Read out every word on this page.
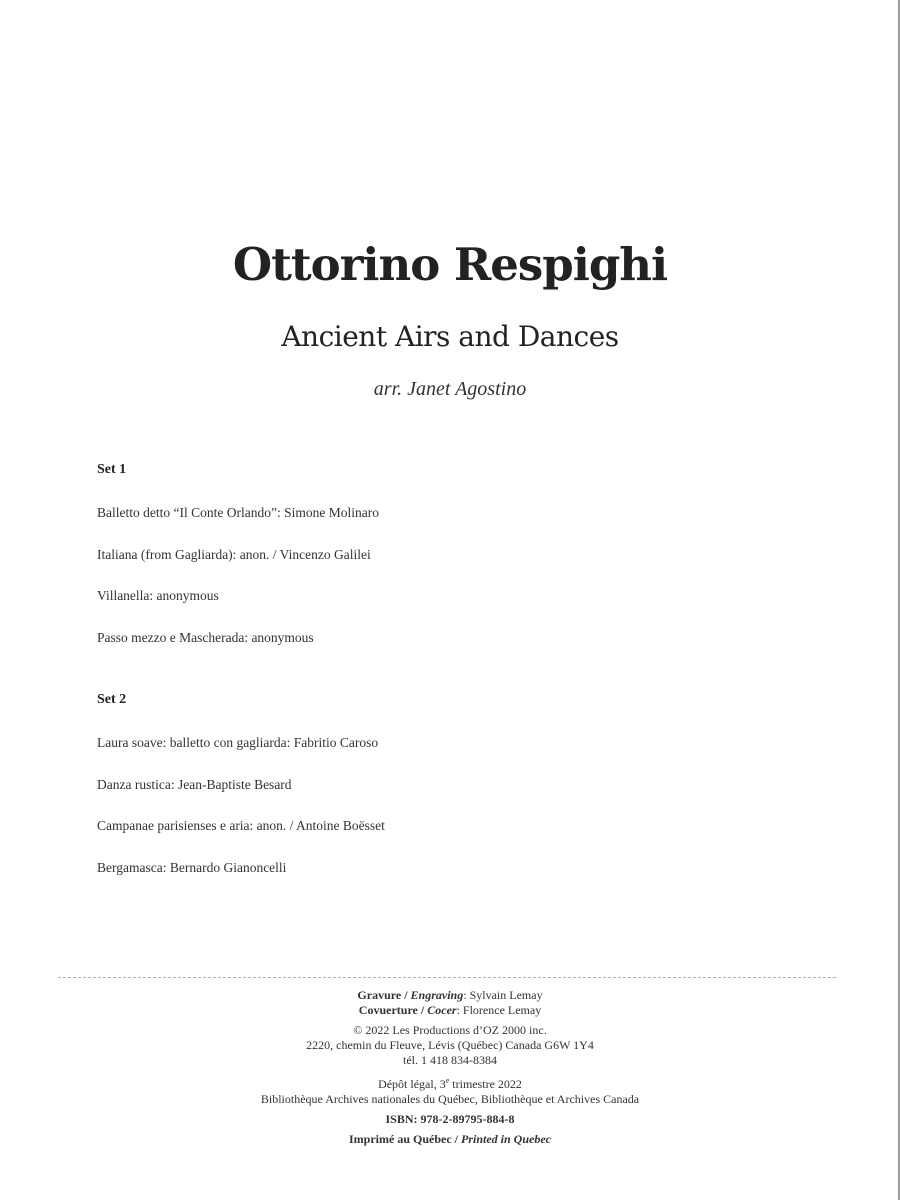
Ottorino Respighi
Ancient Airs and Dances
arr. Janet Agostino
Set 1
Balletto detto “Il Conte Orlando”: Simone Molinaro
Italiana (from Gagliarda): anon. / Vincenzo Galilei
Villanella: anonymous
Passo mezzo e Mascherada: anonymous
Set 2
Laura soave: balletto con gagliarda: Fabritio Caroso
Danza rustica: Jean-Baptiste Besard
Campanae parisienses e aria: anon. / Antoine Boësset
Bergamasca: Bernardo Gianoncelli
Gravure / Engraving: Sylvain Lemay
Covuerture / Cocer: Florence Lemay
© 2022 Les Productions d’OZ 2000 inc.
2220, chemin du Fleuve, Lévis (Québec) Canada G6W 1Y4
tél. 1 418 834-8384
Dépôt légal, 3e trimestre 2022
Bibliothèque Archives nationales du Québec, Bibliothèque et Archives Canada
ISBN: 978-2-89795-884-8
Imprimé au Québec / Printed in Quebec
